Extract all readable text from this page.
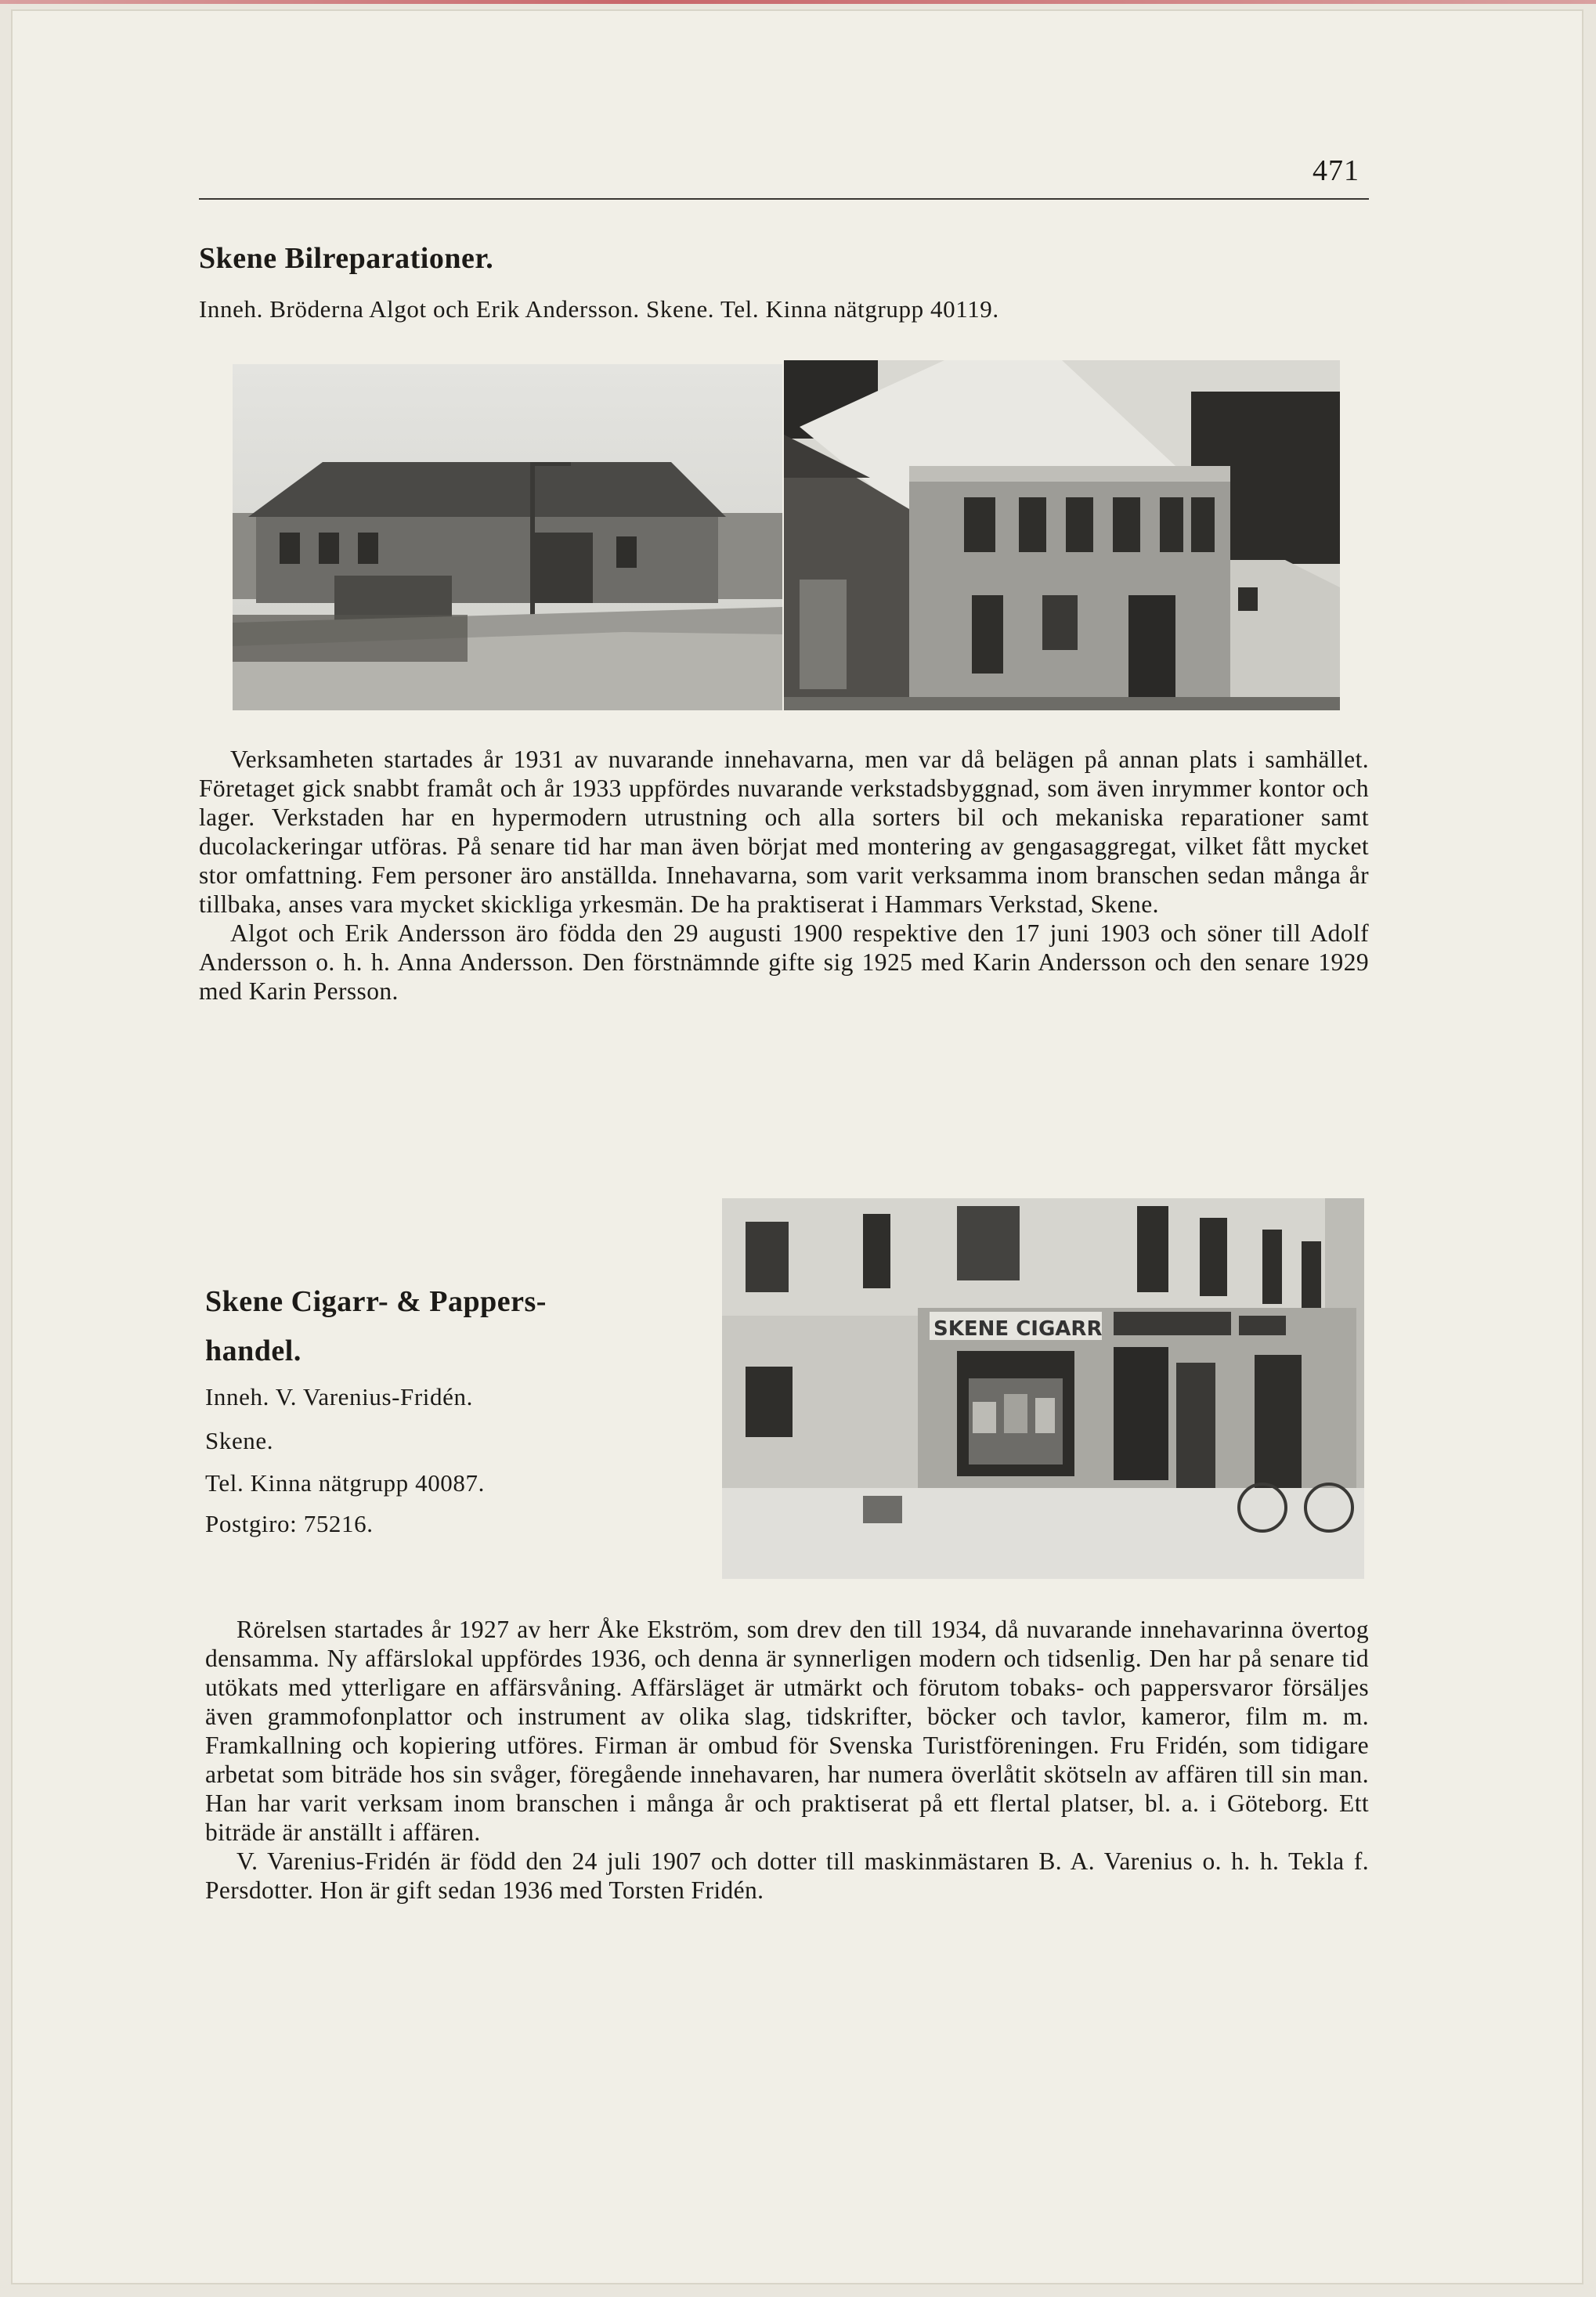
471
Skene Bilreparationer.
Inneh. Bröderna Algot och Erik Andersson. Skene. Tel. Kinna nätgrupp 40119.

Verksamheten startades år 1931 av nuvarande innehavarna, men var då belägen på annan plats i samhället. Företaget gick snabbt framåt och år 1933 uppfördes nuvarande verkstadsbyggnad, som även inrymmer kontor och lager. Verkstaden har en hypermodern utrustning och alla sorters bil och mekaniska reparationer samt ducolackeringar utföras. På senare tid har man även börjat med montering av gengasaggregat, vilket fått mycket stor omfattning. Fem personer äro anställda. Innehavarna, som varit verksamma inom branschen sedan många år tillbaka, anses vara mycket skickliga yrkesmän. De ha praktiserat i Hammars Verkstad, Skene.

Algot och Erik Andersson äro födda den 29 augusti 1900 respektive den 17 juni 1903 och söner till Adolf Andersson o. h. h. Anna Andersson. Den förstnämnde gifte sig 1925 med Karin Andersson och den senare 1929 med Karin Persson.

Skene Cigarr- & Pappers-
handel.
Inneh. V. Varenius-Fridén.
Skene.
Tel. Kinna nätgrupp 40087.
Postgiro: 75216.
SKENE CIGARR

Rörelsen startades år 1927 av herr Åke Ekström, som drev den till 1934, då nuvarande innehavarinna övertog densamma. Ny affärslokal uppfördes 1936, och denna är synnerligen modern och tidsenlig. Den har på senare tid utökats med ytterligare en affärsvåning. Affärsläget är utmärkt och förutom tobaks- och pappersvaror försäljes även grammofonplattor och instrument av olika slag, tidskrifter, böcker och tavlor, kameror, film m. m. Framkallning och kopiering utföres. Firman är ombud för Svenska Turistföreningen. Fru Fridén, som tidigare arbetat som biträde hos sin svåger, föregående innehavaren, har numera överlåtit skötseln av affären till sin man. Han har varit verksam inom branschen i många år och praktiserat på ett flertal platser, bl. a. i Göteborg. Ett biträde är anställt i affären.

V. Varenius-Fridén är född den 24 juli 1907 och dotter till maskinmästaren B. A. Varenius o. h. h. Tekla f. Persdotter. Hon är gift sedan 1936 med Torsten Fridén.
